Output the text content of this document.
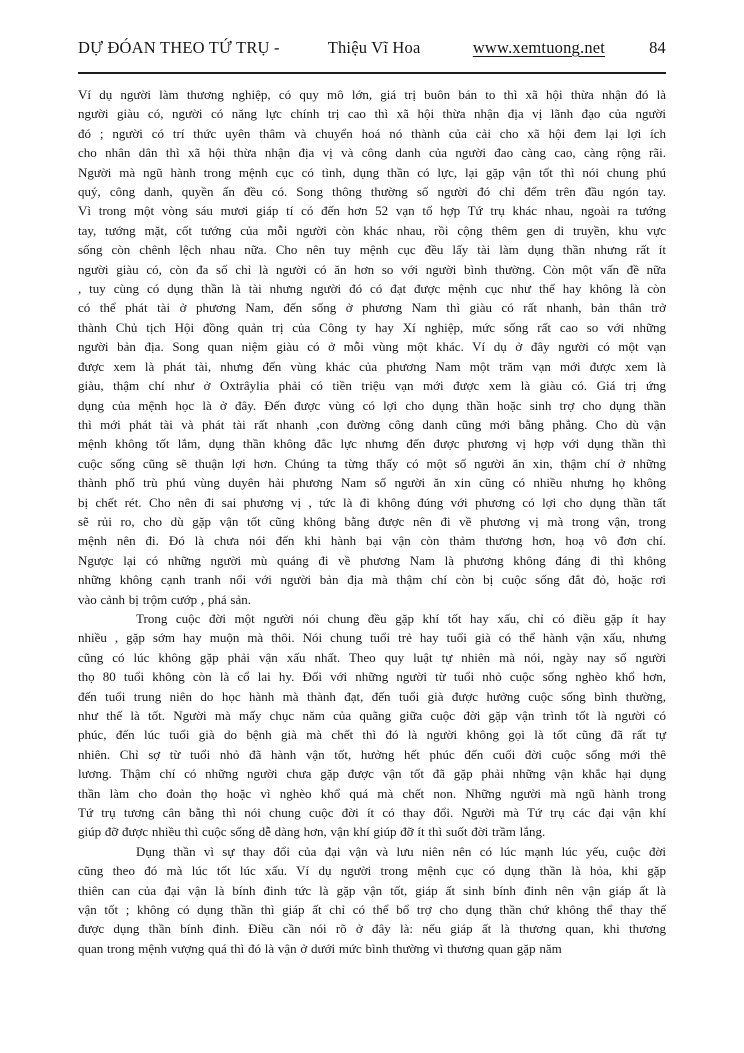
DỰ ĐÓAN THEO TỨ TRỤ -	Thiệu Vĩ Hoa	www.xemtuong.net	84
Ví dụ người làm thương nghiệp, có quy mô lớn, giá trị buôn bán to thì xã hội thừa nhận đó là
người giàu có, người có năng lực chính trị cao thì xã hội thừa nhận địa vị lãnh đạo của người
đó ; người có trí thức uyên thâm và chuyển hoá nó thành của cải cho xã hội đem lại lợi ích
cho nhân dân thì xã hội thừa nhận địa vị và công danh của người đao càng cao, càng rộng rãi.
Người mà ngũ hành trong mệnh cục có tình, dụng thần có lực, lại gặp vận tốt thì nói chung phú
quý, công danh, quyền ấn đều có. Song thông thường số người đó chỉ đếm trên đầu ngón tay.
Vì trong một vòng sáu mươi giáp tí có đến hơn 52 vạn tổ hợp Tứ trụ khác nhau, ngoài ra tướng
tay, tướng mặt, cốt tướng của mỗi người còn khác nhau, rồi cộng thêm gen di truyền, khu vực
sống còn chênh lệch nhau nữa. Cho nên tuy mệnh cục đều lấy tài làm dụng thần nhưng rất ít
người giàu có, còn đa số chỉ là người có ăn hơn so với người bình thường. Còn một vấn đề nữa
, tuy cùng có dụng thần là tài nhưng người đó có đạt được mệnh cục như thế hay không là còn
có thể phát tài ở phương Nam, đến sống ở phương Nam thì giàu có rất nhanh, bản thân trở
thành Chủ tịch Hội đồng quản trị của Công ty hay Xí nghiệp, mức sống rất cao so với những
người bản địa. Song quan niệm giàu có ở mỗi vùng một khác. Ví dụ ở đây người có một vạn
được xem là phát tài, nhưng đến vùng khác của phương Nam một trăm vạn mới được xem là
giàu, thậm chí như ở Oxtrâylia phải có tiền triệu vạn mới được xem là giàu có. Giá trị ứng
dụng của mệnh học là ở đây. Đến được vùng có lợi cho dụng thần hoặc sinh trợ cho dụng thần
thì mới phát tài và phát tài rất nhanh ,con đường công danh cũng mới bằng phẳng. Cho dù vận
mệnh không tốt lắm, dụng thần không đắc lực nhưng đến được phương vị hợp với dụng thần thì
cuộc sống cũng sẽ thuận lợi hơn. Chúng ta từng thấy có một số người ăn xin, thậm chí ở những
thành phố trù phú vùng duyên hải phương Nam số người ăn xin cũng có nhiều nhưng họ không
bị chết rét. Cho nên đi sai phương vị , tức là đi không đúng với phương có lợi cho dụng thần tất
sẽ rủi ro, cho dù gặp vận tốt cũng không bằng được nên đi về phương vị mà trong vận, trong
mệnh nên đi. Đó là chưa nói đến khi hành bại vận còn thảm thương hơn, hoạ vô đơn chí.
Ngược lại có những người mù quáng đi về phương Nam là phương không đáng đi thì không
những không cạnh tranh nổi với người bản địa mà thậm chí còn bị cuộc sống đắt đỏ, hoặc rơi
vào cảnh bị trộm cướp , phá sản.
Trong cuộc đời một người nói chung đều gặp khí tốt hay xấu, chỉ có điều gặp ít hay
nhiều , gặp sớm hay muộn mà thôi. Nói chung tuổi trẻ hay tuổi già có thể hành vận xấu, nhưng
cũng có lúc không gặp phải vận xấu nhất. Theo quy luật tự nhiên mà nói, ngày nay số người
thọ 80 tuổi không còn là cổ lai hy. Đối với những người từ tuổi nhỏ cuộc sống nghèo khổ hơn,
đến tuổi trung niên do học hành mà thành đạt, đến tuổi già được hưởng cuộc sống bình thường,
như thế là tốt. Người mà mấy chục năm của quãng giữa cuộc đời gặp vận trình tốt là người có
phúc, đến lúc tuổi già do bệnh già mà chết thì đó là người không gọi là tốt cũng đã rất tự
nhiên. Chỉ sợ từ tuổi nhỏ đã hành vận tốt, hưởng hết phúc đến cuối đời cuộc sống mới thê
lương. Thậm chí có những người chưa gặp được vận tốt đã gặp phải những vận khắc hại dụng
thần làm cho đoản thọ hoặc vì nghèo khổ quá mà chết non. Những người mà ngũ hành trong
Tứ trụ tương cân bằng thì nói chung cuộc đời ít có thay đổi. Người mà Tứ trụ các đại vận khí
giúp đỡ được nhiều thì cuộc sống dễ dàng hơn, vận khí giúp đỡ ít thì suốt đời trầm lắng.
Dụng thần vì sự thay đổi của đại vận và lưu niên nên có lúc mạnh lúc yếu, cuộc đời
cũng theo đó mà lúc tốt lúc xấu. Ví dụ người trong mệnh cục có dụng thần là hỏa, khi gặp
thiên can của đại vận là bính đinh tức là gặp vận tốt, giáp ất sinh bính đinh nên vận giáp ất là
vận tốt ; không có dụng thần thì giáp ất chỉ có thể bổ trợ cho dụng thần chứ không thể thay thế
được dụng thần bính đinh. Điều cần nói rõ ở đây là: nếu giáp ất là thương quan, khi thương
quan trong mệnh vượng quá thì đó là vận ở dưới mức bình thường vì thương quan gặp năm
